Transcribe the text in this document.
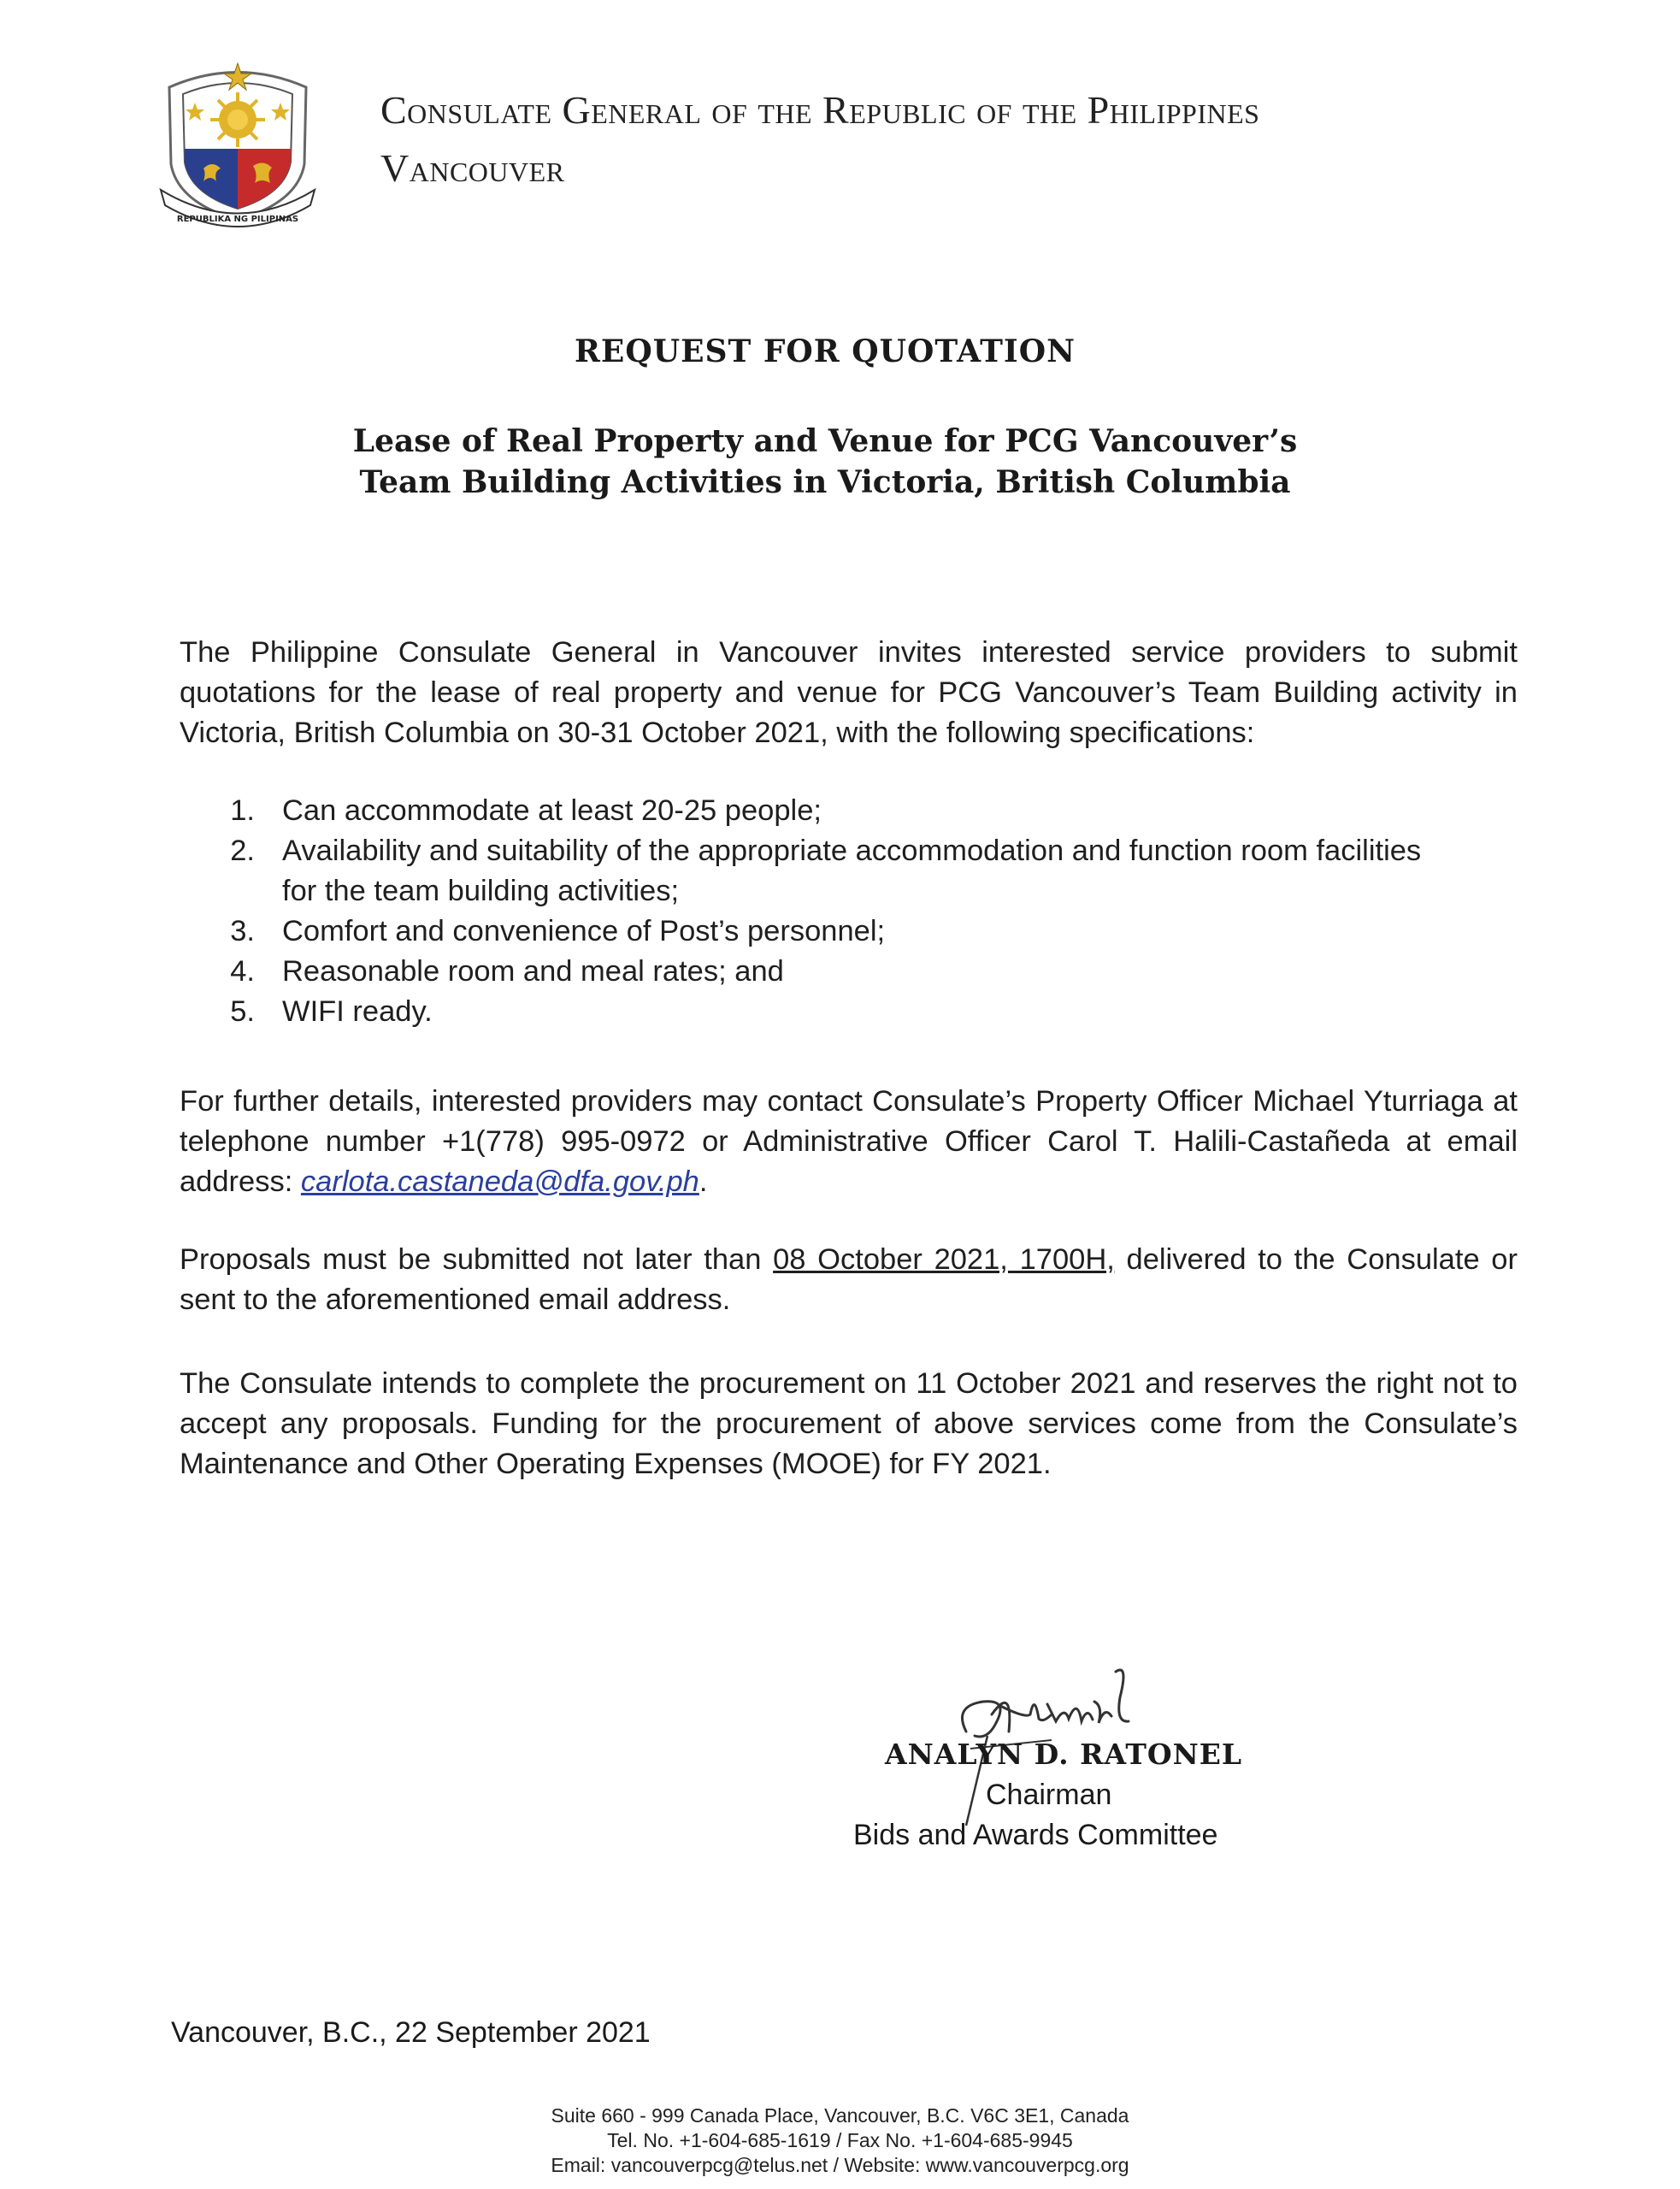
REPUBLIKA NG PILIPINAS
Consulate General of the Republic of the Philippines
Vancouver
REQUEST FOR QUOTATION
Lease of Real Property and Venue for PCG Vancouver’s
Team Building Activities in Victoria, British Columbia
The Philippine Consulate General in Vancouver invites interested service providers to submit quotations for the lease of real property and venue for PCG Vancouver’s Team Building activity in Victoria, British Columbia on 30-31 October 2021, with the following specifications:
1. Can accommodate at least 20-25 people;
2. Availability and suitability of the appropriate accommodation and function room facilities for the team building activities;
3. Comfort and convenience of Post’s personnel;
4. Reasonable room and meal rates; and
5. WIFI ready.
For further details, interested providers may contact Consulate’s Property Officer Michael Yturriaga at telephone number +1(778) 995-0972 or Administrative Officer Carol T. Halili-Castañeda at email address: carlota.castaneda@dfa.gov.ph.
Proposals must be submitted not later than 08 October 2021, 1700H, delivered to the Consulate or sent to the aforementioned email address.
The Consulate intends to complete the procurement on 11 October 2021 and reserves the right not to accept any proposals. Funding for the procurement of above services come from the Consulate’s Maintenance and Other Operating Expenses (MOOE) for FY 2021.
ANALYN D. RATONEL
Chairman
Bids and Awards Committee
Vancouver, B.C., 22 September 2021
Suite 660 - 999 Canada Place, Vancouver, B.C. V6C 3E1, Canada
Tel. No. +1-604-685-1619 / Fax No. +1-604-685-9945
Email: vancouverpcg@telus.net / Website: www.vancouverpcg.org
